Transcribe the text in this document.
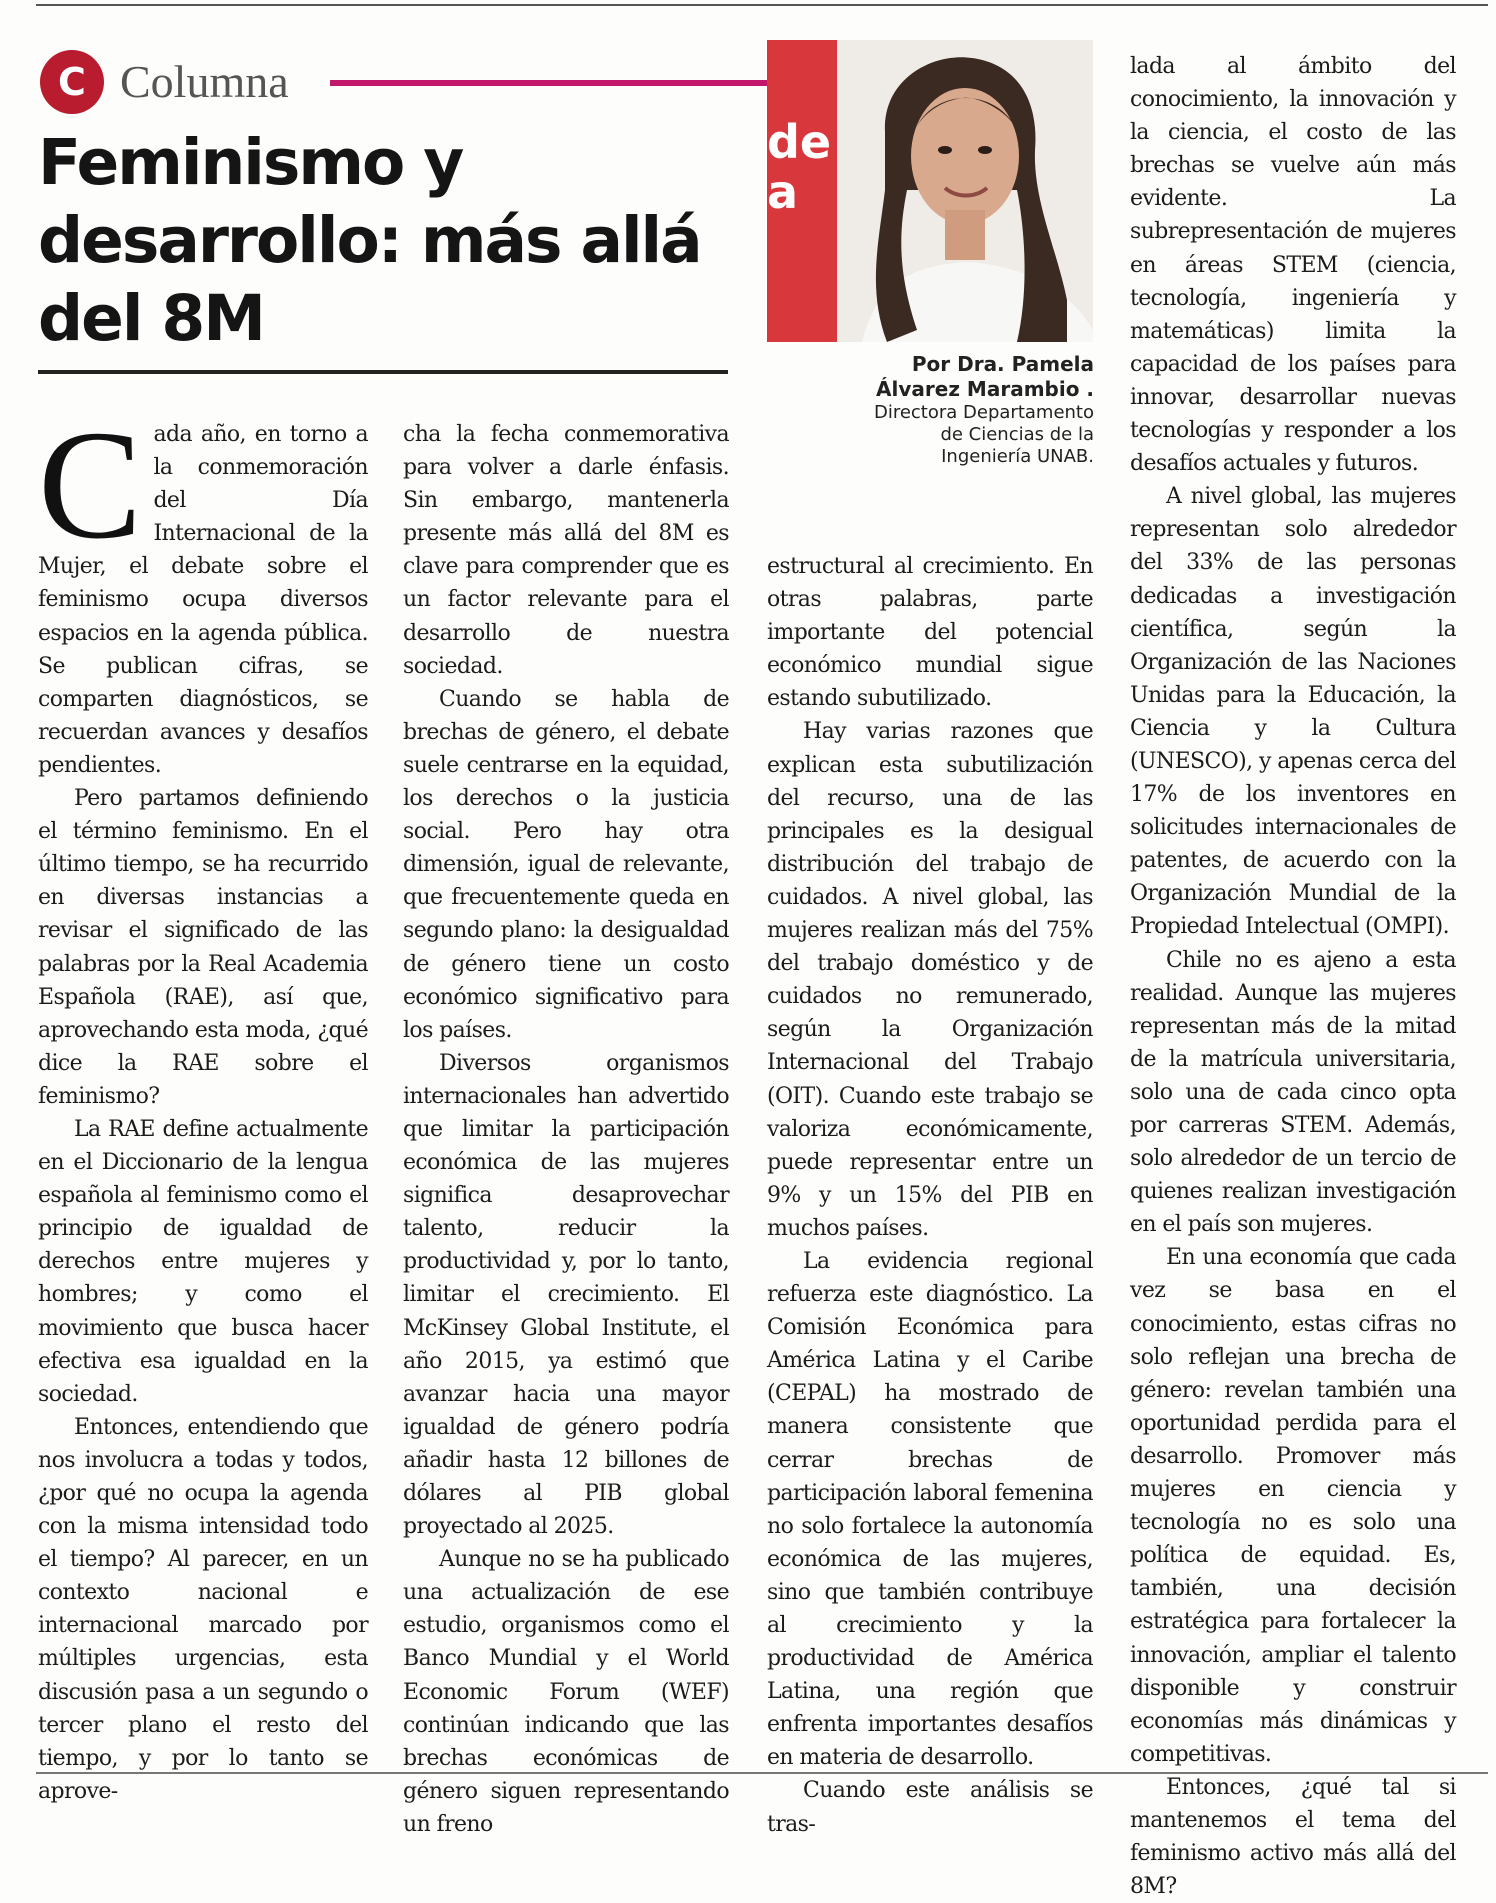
C Columna
Feminismo y desarrollo: más allá del 8M
de
a
Por Dra. Pamela Álvarez Marambio .
Directora Departamento de Ciencias de la Ingeniería UNAB.

Cada año, en torno a la conmemoración del Día Internacional de la Mujer, el debate sobre el feminismo ocupa diversos espacios en la agenda pública. Se publican cifras, se comparten diagnósticos, se recuerdan avances y desafíos pendientes.

Pero partamos definiendo el término feminismo. En el último tiempo, se ha recurrido en diversas instancias a revisar el significado de las palabras por la Real Academia Española (RAE), así que, aprovechando esta moda, ¿qué dice la RAE sobre el feminismo?

La RAE define actualmente en el Diccionario de la lengua española al feminismo como el principio de igualdad de derechos entre mujeres y hombres; y como el movimiento que busca hacer efectiva esa igualdad en la sociedad.

Entonces, entendiendo que nos involucra a todas y todos, ¿por qué no ocupa la agenda con la misma intensidad todo el tiempo? Al parecer, en un contexto nacional e internacional marcado por múltiples urgencias, esta discusión pasa a un segundo o tercer plano el resto del tiempo, y por lo tanto se aprove-

cha la fecha conmemorativa para volver a darle énfasis. Sin embargo, mantenerla presente más allá del 8M es clave para comprender que es un factor relevante para el desarrollo de nuestra sociedad.

Cuando se habla de brechas de género, el debate suele centrarse en la equidad, los derechos o la justicia social. Pero hay otra dimensión, igual de relevante, que frecuentemente queda en segundo plano: la desigualdad de género tiene un costo económico significativo para los países.

Diversos organismos internacionales han advertido que limitar la participación económica de las mujeres significa desaprovechar talento, reducir la productividad y, por lo tanto, limitar el crecimiento. El McKinsey Global Institute, el año 2015, ya estimó que avanzar hacia una mayor igualdad de género podría añadir hasta 12 billones de dólares al PIB global proyectado al 2025.

Aunque no se ha publicado una actualización de ese estudio, organismos como el Banco Mundial y el World Economic Forum (WEF) continúan indicando que las brechas económicas de género siguen representando un freno

estructural al crecimiento. En otras palabras, parte importante del potencial económico mundial sigue estando subutilizado.

Hay varias razones que explican esta subutilización del recurso, una de las principales es la desigual distribución del trabajo de cuidados. A nivel global, las mujeres realizan más del 75% del trabajo doméstico y de cuidados no remunerado, según la Organización Internacional del Trabajo (OIT). Cuando este trabajo se valoriza económicamente, puede representar entre un 9% y un 15% del PIB en muchos países.

La evidencia regional refuerza este diagnóstico. La Comisión Económica para América Latina y el Caribe (CEPAL) ha mostrado de manera consistente que cerrar brechas de participación laboral femenina no solo fortalece la autonomía económica de las mujeres, sino que también contribuye al crecimiento y la productividad de América Latina, una región que enfrenta importantes desafíos en materia de desarrollo.

Cuando este análisis se tras-

lada al ámbito del conocimiento, la innovación y la ciencia, el costo de las brechas se vuelve aún más evidente. La subrepresentación de mujeres en áreas STEM (ciencia, tecnología, ingeniería y matemáticas) limita la capacidad de los países para innovar, desarrollar nuevas tecnologías y responder a los desafíos actuales y futuros.

A nivel global, las mujeres representan solo alrededor del 33% de las personas dedicadas a investigación científica, según la Organización de las Naciones Unidas para la Educación, la Ciencia y la Cultura (UNESCO), y apenas cerca del 17% de los inventores en solicitudes internacionales de patentes, de acuerdo con la Organización Mundial de la Propiedad Intelectual (OMPI).

Chile no es ajeno a esta realidad. Aunque las mujeres representan más de la mitad de la matrícula universitaria, solo una de cada cinco opta por carreras STEM. Además, solo alrededor de un tercio de quienes realizan investigación en el país son mujeres.

En una economía que cada vez se basa en el conocimiento, estas cifras no solo reflejan una brecha de género: revelan también una oportunidad perdida para el desarrollo. Promover más mujeres en ciencia y tecnología no es solo una política de equidad. Es, también, una decisión estratégica para fortalecer la innovación, ampliar el talento disponible y construir economías más dinámicas y competitivas.

Entonces, ¿qué tal si mantenemos el tema del feminismo activo más allá del 8M?
